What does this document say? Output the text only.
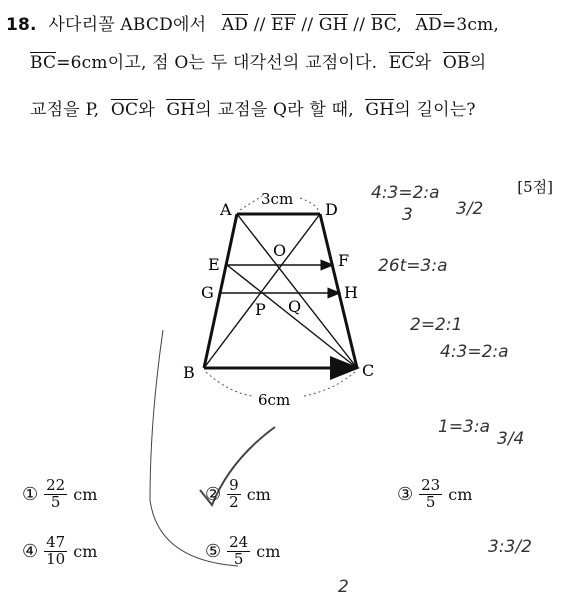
18. 사다리꼴 ABCD에서 AD // EF // GH // BC, AD=3cm,
BC=6cm이고, 점 O는 두 대각선의 교점이다. EC와 OB의
교점을 P, OC와 GH의 교점을 Q라 할 때, GH의 길이는?
[5점]
A	D
E	F
G	H
B	C
O
P Q
3cm
6cm
4:3=2:a
3	3/2
26t=3:a
2=2:1
4:3=2:a
1=3:a
3/4
3:3/2
2
① $\frac{22}{5}$ cm	② $\frac{9}{2}$ cm	③ $\frac{23}{5}$ cm
④ $\frac{47}{10}$ cm	⑤ $\frac{24}{5}$ cm
